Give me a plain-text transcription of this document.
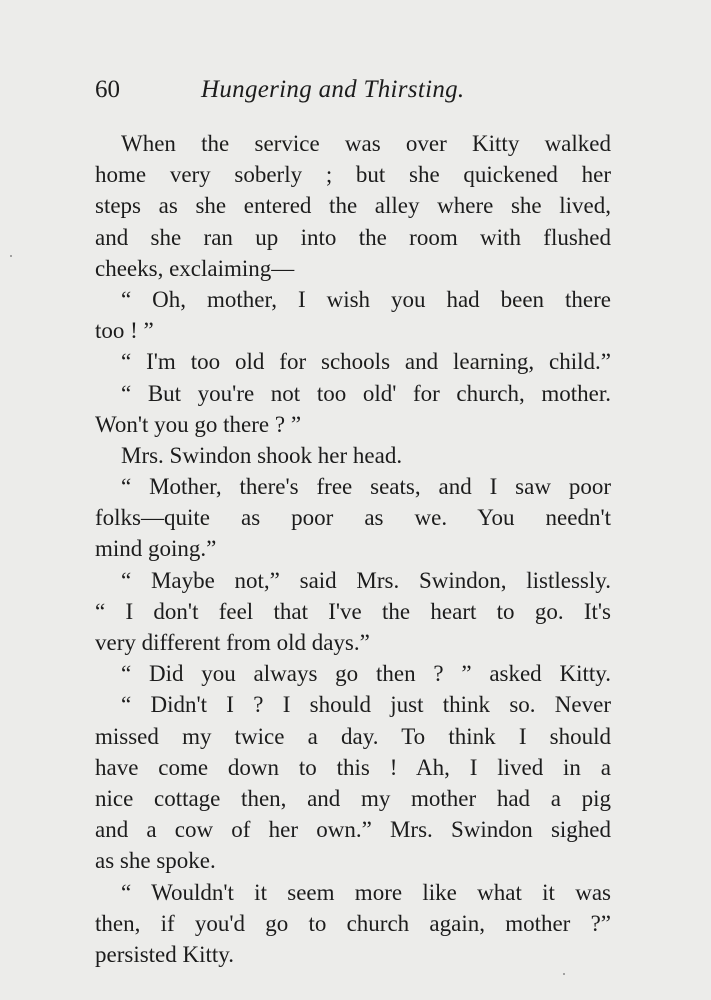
60	Hungering and Thirsting.
When the service was over Kitty walked
home very soberly ; but she quickened her
steps as she entered the alley where she lived,
and she ran up into the room with flushed
cheeks, exclaiming—
“ Oh, mother, I wish you had been there
too ! ”
“ I'm too old for schools and learning, child.”
“ But you're not too old' for church, mother.
Won't you go there ? ”
Mrs. Swindon shook her head.
“ Mother, there's free seats, and I saw poor
folks—quite as poor as we. You needn't
mind going.”
“ Maybe not,” said Mrs. Swindon, listlessly.
“ I don't feel that I've the heart to go. It's
very different from old days.”
“ Did you always go then ? ” asked Kitty.
“ Didn't I ? I should just think so. Never
missed my twice a day. To think I should
have come down to this ! Ah, I lived in a
nice cottage then, and my mother had a pig
and a cow of her own.” Mrs. Swindon sighed
as she spoke.
“ Wouldn't it seem more like what it was
then, if you'd go to church again, mother ?”
persisted Kitty.
